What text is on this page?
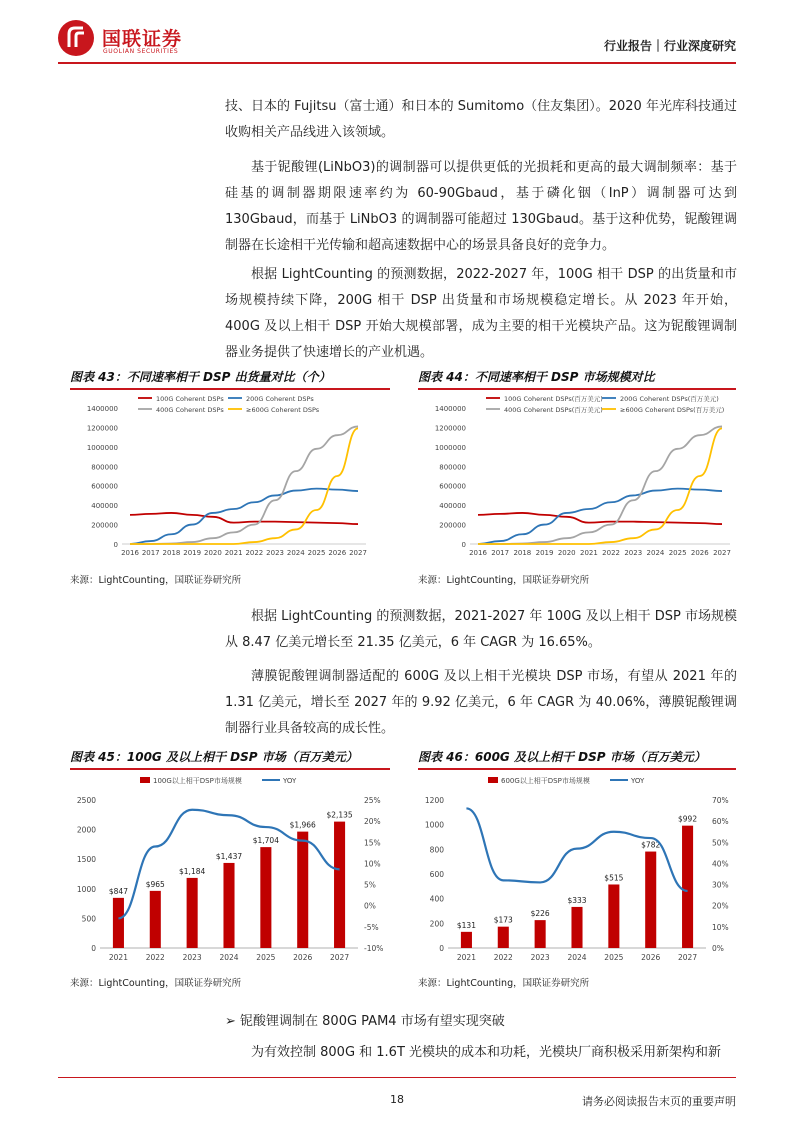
国联证券
GUOLIAN SECURITIES	行业报告｜行业深度研究

技、日本的 Fujitsu（富士通）和日本的 Sumitomo（住友集团）。2020 年光库科技通过收购相关产品线进入该领域。

基于铌酸锂(LiNbO3)的调制器可以提供更低的光损耗和更高的最大调制频率：基于硅基的调制器期限速率约为 60-90Gbaud，基于磷化铟（InP）调制器可达到 130Gbaud，而基于 LiNbO3 的调制器可能超过 130Gbaud。基于这种优势，铌酸锂调制器在长途相干光传输和超高速数据中心的场景具备良好的竞争力。

根据 LightCounting 的预测数据，2022-2027 年，100G 相干 DSP 的出货量和市场规模持续下降，200G 相干 DSP 出货量和市场规模稳定增长。从 2023 年开始，400G 及以上相干 DSP 开始大规模部署，成为主要的相干光模块产品。这为铌酸锂调制器业务提供了快速增长的产业机遇。

图表 43：不同速率相干 DSP 出货量对比（个）
0
200000
400000
600000
800000
1000000
1200000
1400000
2016 2017 2018 2019 2020 2021 2022 2023 2024 2025 2026 2027
100G Coherent DSPs	200G Coherent DSPs
400G Coherent DSPs	≥600G Coherent DSPs
来源：LightCounting，国联证券研究所
图表 44：不同速率相干 DSP 市场规模对比
0
200000
400000
600000
800000
1000000
1200000
1400000
2016 2017 2018 2019 2020 2021 2022 2023 2024 2025 2026 2027
100G Coherent DSPs(百万美元)	200G Coherent DSPs(百万美元)
400G Coherent DSPs(百万美元)	≥600G Coherent DSPs(百万美元)
来源：LightCounting，国联证券研究所

根据 LightCounting 的预测数据，2021-2027 年 100G 及以上相干 DSP 市场规模从 8.47 亿美元增长至 21.35 亿美元，6 年 CAGR 为 16.65%。

薄膜铌酸锂调制器适配的 600G 及以上相干光模块 DSP 市场，有望从 2021 年的 1.31 亿美元，增长至 2027 年的 9.92 亿美元，6 年 CAGR 为 40.06%，薄膜铌酸锂调制器行业具备较高的成长性。

图表 45：100G 及以上相干 DSP 市场（百万美元）
100G以上相干DSP市场规模	YOY
0
500
1000
1500
2000
2500
-10%
-5%
0%
5%
10%
15%
20%
25%
$847
2021
$965
2022
$1,184
2023
$1,437
2024
$1,704
2025
$1,966
2026
$2,135
2027
来源：LightCounting，国联证券研究所
图表 46：600G 及以上相干 DSP 市场（百万美元）
600G以上相干DSP市场规模	YOY
0
200
400
600
800
1000
1200
0%
10%
20%
30%
40%
50%
60%
70%
$131
2021
$173
2022
$226
2023
$333
2024
$515
2025
$782
2026
$992
2027
来源：LightCounting，国联证券研究所
➢ 铌酸锂调制在 800G PAM4 市场有望实现突破

为有效控制 800G 和 1.6T 光模块的成本和功耗，光模块厂商积极采用新架构和新

18	请务必阅读报告末页的重要声明
